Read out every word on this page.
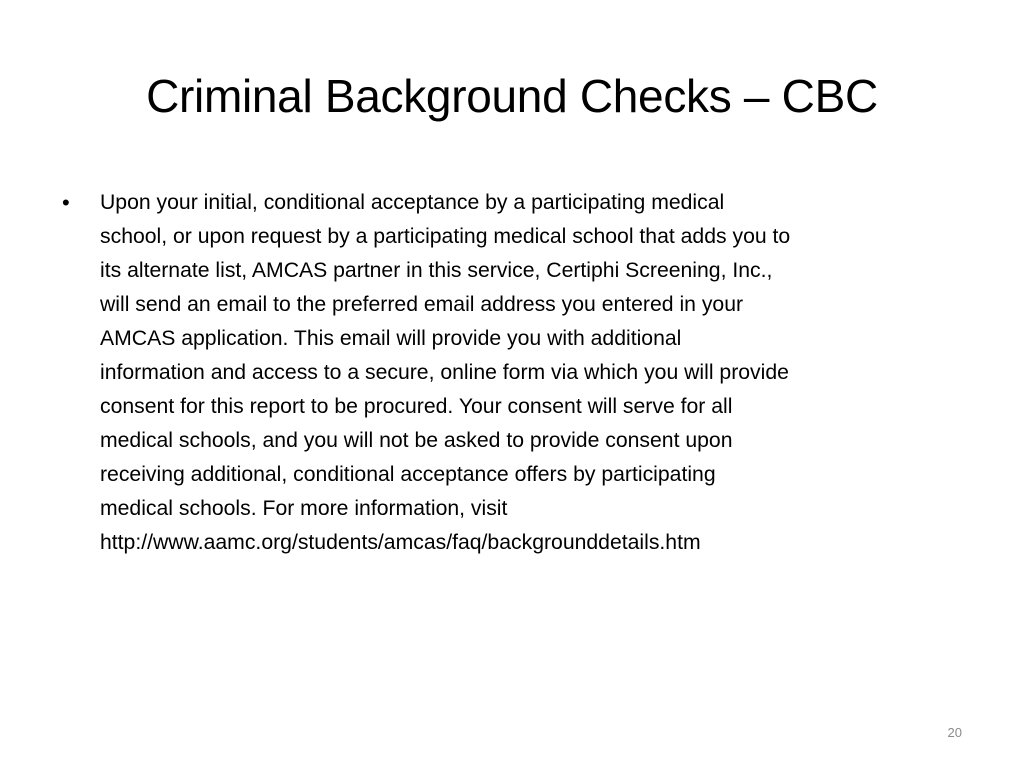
Criminal Background Checks – CBC
• Upon your initial, conditional acceptance by a participating medical
school, or upon request by a participating medical school that adds you to
its alternate list, AMCAS partner in this service, Certiphi Screening, Inc.,
will send an email to the preferred email address you entered in your
AMCAS application. This email will provide you with additional
information and access to a secure, online form via which you will provide
consent for this report to be procured. Your consent will serve for all
medical schools, and you will not be asked to provide consent upon
receiving additional, conditional acceptance offers by participating
medical schools. For more information, visit
http://www.aamc.org/students/amcas/faq/backgrounddetails.htm
20
